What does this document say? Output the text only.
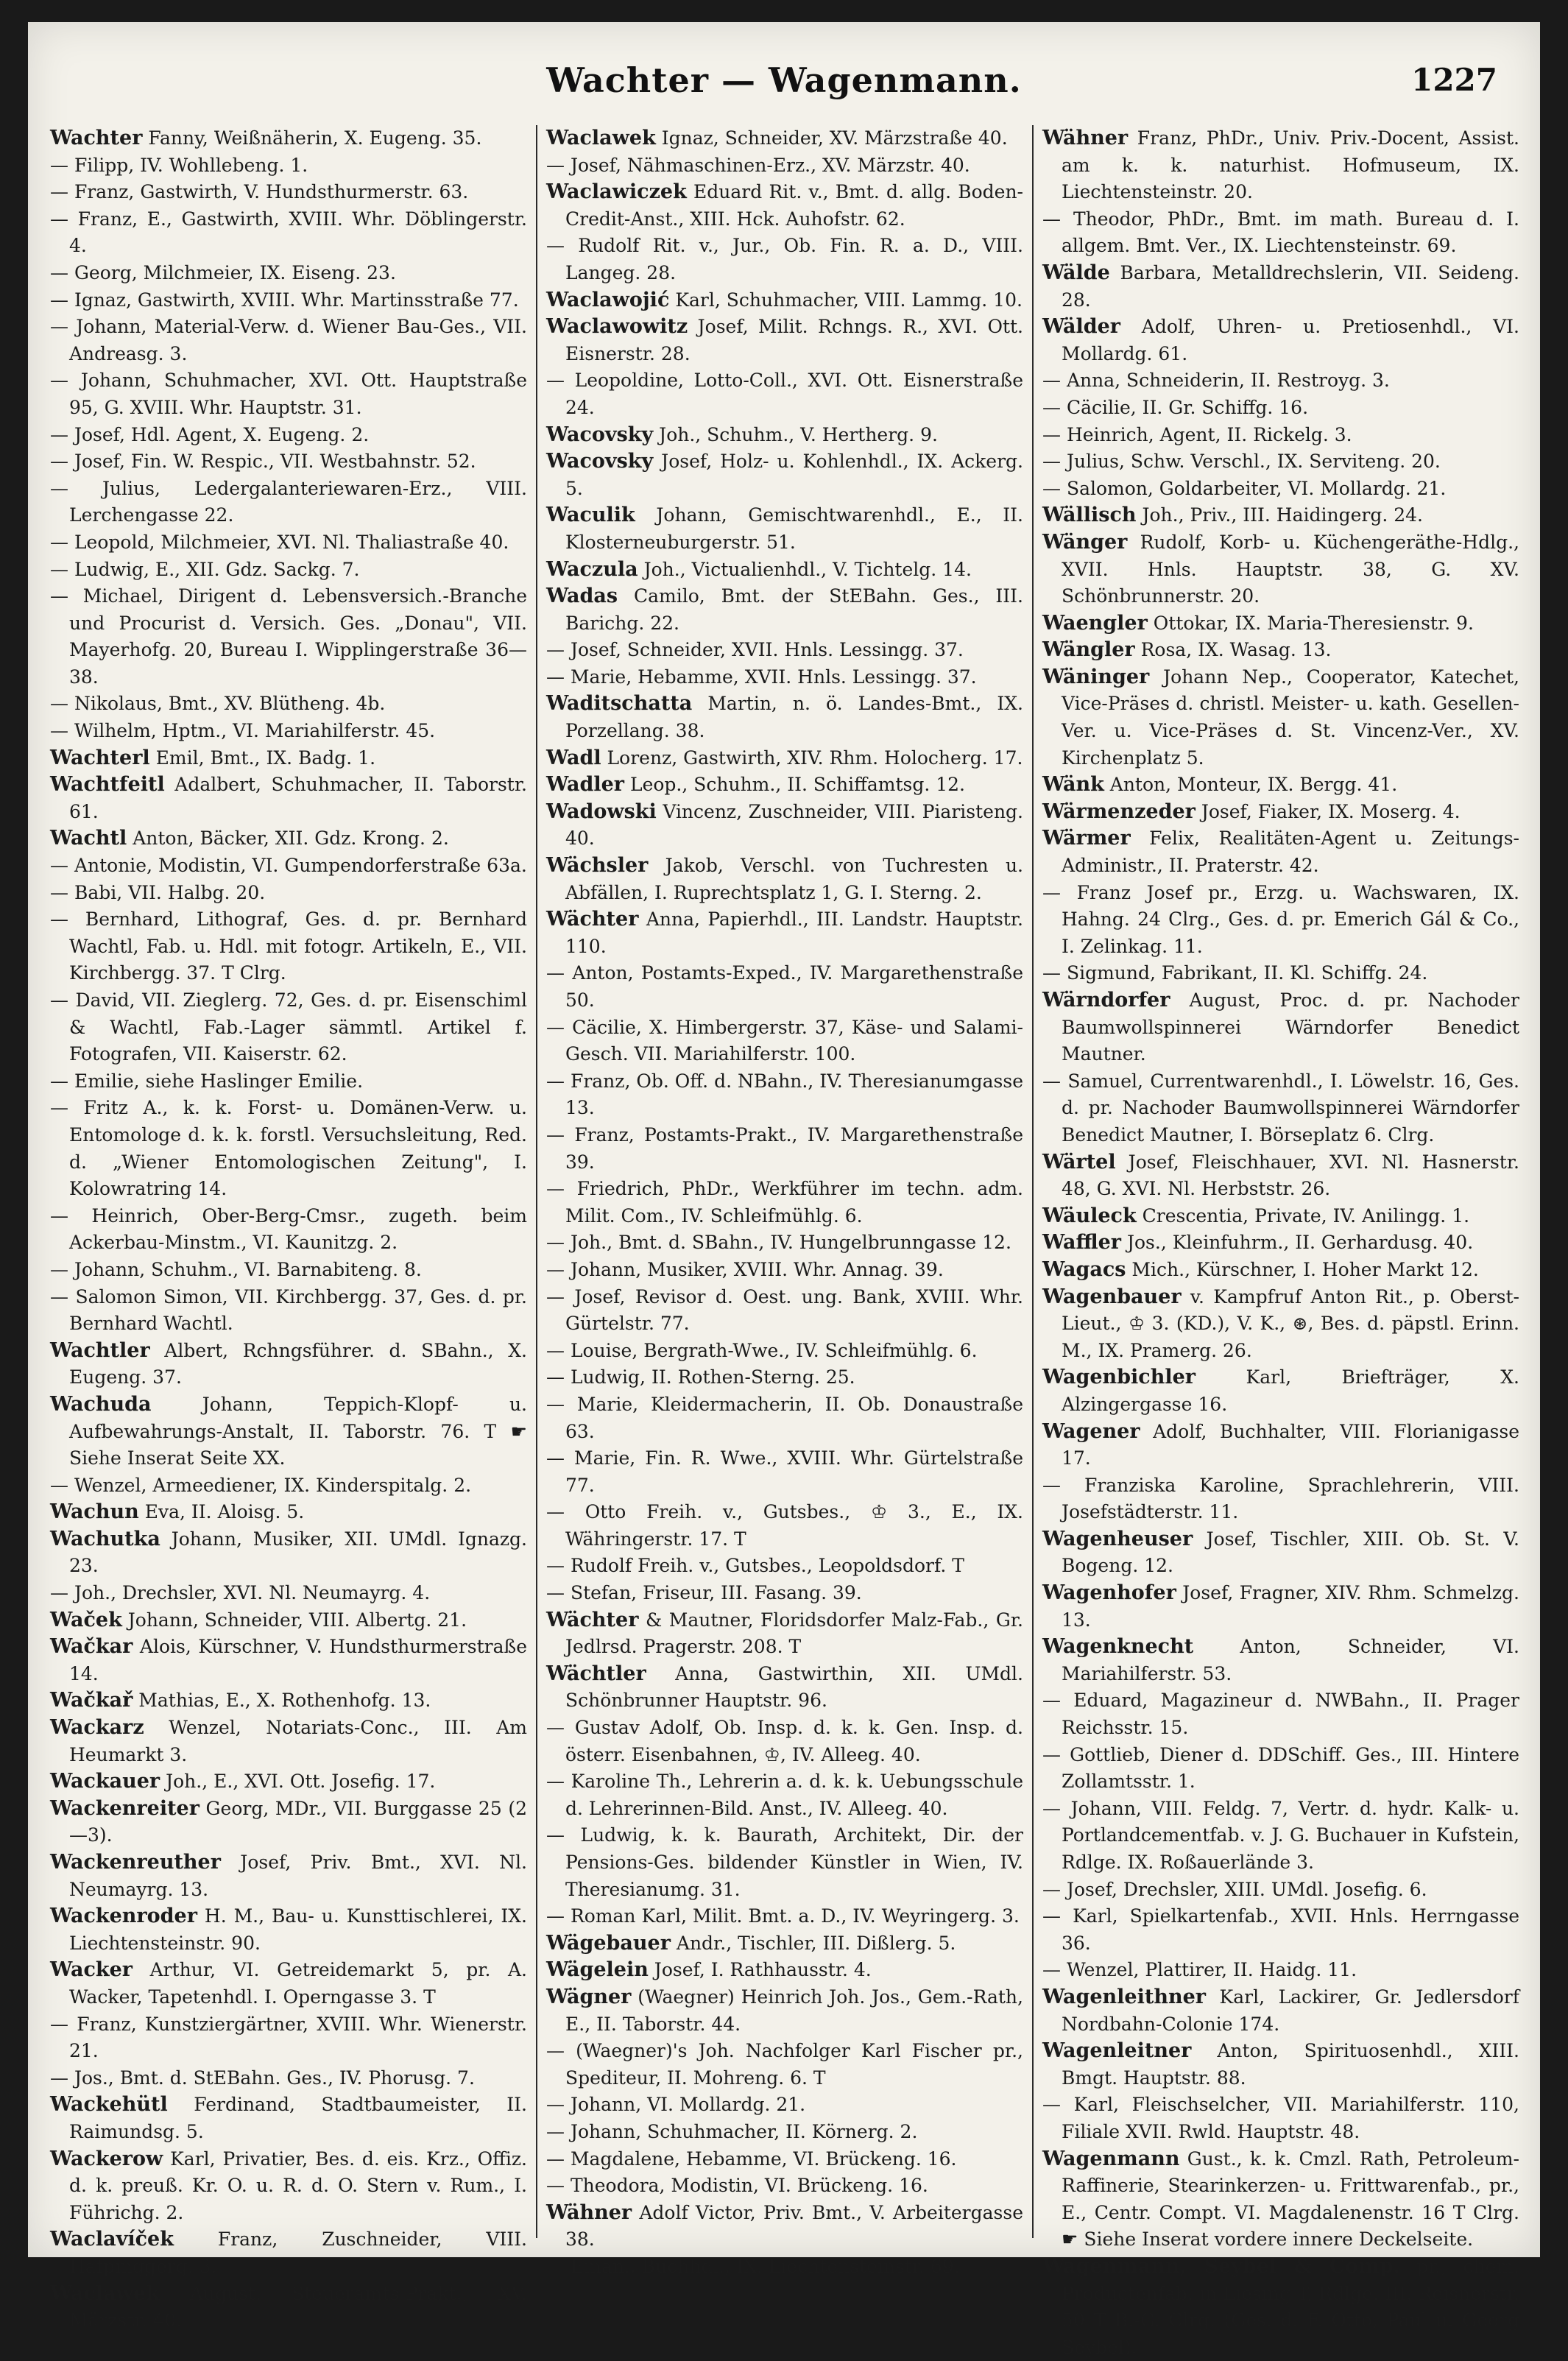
Wachter — Wagenmann.	1227
Wachter Fanny, Weißnäherin, X. Eugeng. 35.
— Filipp, IV. Wohllebeng. 1.
— Franz, Gastwirth, V. Hundsthurmerstr. 63.
— Franz, E., Gastwirth, XVIII. Whr. Döblingerstr. 4.
— Georg, Milchmeier, IX. Eiseng. 23.
— Ignaz, Gastwirth, XVIII. Whr. Martinsstraße 77.
— Johann, Material-Verw. d. Wiener Bau-Ges., VII. Andreasg. 3.
— Johann, Schuhmacher, XVI. Ott. Hauptstraße 95, G. XVIII. Whr. Hauptstr. 31.
— Josef, Hdl. Agent, X. Eugeng. 2.
— Josef, Fin. W. Respic., VII. Westbahnstr. 52.
— Julius, Ledergalanteriewaren-Erz., VIII. Lerchengasse 22.
— Leopold, Milchmeier, XVI. Nl. Thaliastraße 40.
— Ludwig, E., XII. Gdz. Sackg. 7.
— Michael, Dirigent d. Lebensversich.-Branche und Procurist d. Versich. Ges. „Donau", VII. Mayerhofg. 20, Bureau I. Wipplingerstraße 36—38.
— Nikolaus, Bmt., XV. Blütheng. 4b.
— Wilhelm, Hptm., VI. Mariahilferstr. 45.
Wachterl Emil, Bmt., IX. Badg. 1.
Wachtfeitl Adalbert, Schuhmacher, II. Taborstr. 61.
Wachtl Anton, Bäcker, XII. Gdz. Krong. 2.
— Antonie, Modistin, VI. Gumpendorferstraße 63a.
— Babi, VII. Halbg. 20.
— Bernhard, Lithograf, Ges. d. pr. Bernhard Wachtl, Fab. u. Hdl. mit fotogr. Artikeln, E., VII. Kirchbergg. 37. T Clrg.
— David, VII. Zieglerg. 72, Ges. d. pr. Eisenschiml & Wachtl, Fab.-Lager sämmtl. Artikel f. Fotografen, VII. Kaiserstr. 62.
— Emilie, siehe Haslinger Emilie.
— Fritz A., k. k. Forst- u. Domänen-Verw. u. Entomologe d. k. k. forstl. Versuchsleitung, Red. d. „Wiener Entomologischen Zeitung", I. Kolowratring 14.
— Heinrich, Ober-Berg-Cmsr., zugeth. beim Ackerbau-Minstm., VI. Kaunitzg. 2.
— Johann, Schuhm., VI. Barnabiteng. 8.
— Salomon Simon, VII. Kirchbergg. 37, Ges. d. pr. Bernhard Wachtl.
Wachtler Albert, Rchngsführer. d. SBahn., X. Eugeng. 37.
Wachuda Johann, Teppich-Klopf- u. Aufbewahrungs-Anstalt, II. Taborstr. 76. T ☛ Siehe Inserat Seite XX.
— Wenzel, Armeediener, IX. Kinderspitalg. 2.
Wachun Eva, II. Aloisg. 5.
Wachutka Johann, Musiker, XII. UMdl. Ignazg. 23.
— Joh., Drechsler, XVI. Nl. Neumayrg. 4.
Waček Johann, Schneider, VIII. Albertg. 21.
Wačkar Alois, Kürschner, V. Hundsthurmerstraße 14.
Wačkař Mathias, E., X. Rothenhofg. 13.
Wackarz Wenzel, Notariats-Conc., III. Am Heumarkt 3.
Wackauer Joh., E., XVI. Ott. Josefig. 17.
Wackenreiter Georg, MDr., VII. Burggasse 25 (2—3).
Wackenreuther Josef, Priv. Bmt., XVI. Nl. Neumayrg. 13.
Wackenroder H. M., Bau- u. Kunsttischlerei, IX. Liechtensteinstr. 90.
Wacker Arthur, VI. Getreidemarkt 5, pr. A. Wacker, Tapetenhdl. I. Operngasse 3. T
— Franz, Kunstziergärtner, XVIII. Whr. Wienerstr. 21.
— Jos., Bmt. d. StEBahn. Ges., IV. Phorusg. 7.
Wackehütl Ferdinand, Stadtbaumeister, II. Raimundsg. 5.
Wackerow Karl, Privatier, Bes. d. eis. Krz., Offiz. d. k. preuß. Kr. O. u. R. d. O. Stern v. Rum., I. Führichg. 2.
Waclavíček Franz, Zuschneider, VIII. Hafpinggerg. 3.
Waclawek August, Steueramts-Prakt., XV. Märzstr. 40.
Waclawek Ignaz, Schneider, XV. Märzstraße 40.
— Josef, Nähmaschinen-Erz., XV. Märzstr. 40.
Waclawiczek Eduard Rit. v., Bmt. d. allg. Boden-Credit-Anst., XIII. Hck. Auhofstr. 62.
— Rudolf Rit. v., Jur., Ob. Fin. R. a. D., VIII. Langeg. 28.
Waclawojić Karl, Schuhmacher, VIII. Lammg. 10.
Waclawowitz Josef, Milit. Rchngs. R., XVI. Ott. Eisnerstr. 28.
— Leopoldine, Lotto-Coll., XVI. Ott. Eisnerstraße 24.
Wacovsky Joh., Schuhm., V. Hertherg. 9.
Wacovsky Josef, Holz- u. Kohlenhdl., IX. Ackerg. 5.
Waculik Johann, Gemischtwarenhdl., E., II. Klosterneuburgerstr. 51.
Waczula Joh., Victualienhdl., V. Tichtelg. 14.
Wadas Camilo, Bmt. der StEBahn. Ges., III. Barichg. 22.
— Josef, Schneider, XVII. Hnls. Lessingg. 37.
— Marie, Hebamme, XVII. Hnls. Lessingg. 37.
Waditschatta Martin, n. ö. Landes-Bmt., IX. Porzellang. 38.
Wadl Lorenz, Gastwirth, XIV. Rhm. Holocherg. 17.
Wadler Leop., Schuhm., II. Schiffamtsg. 12.
Wadowski Vincenz, Zuschneider, VIII. Piaristeng. 40.
Wächsler Jakob, Verschl. von Tuchresten u. Abfällen, I. Ruprechtsplatz 1, G. I. Sterng. 2.
Wächter Anna, Papierhdl., III. Landstr. Hauptstr. 110.
— Anton, Postamts-Exped., IV. Margarethenstraße 50.
— Cäcilie, X. Himbergerstr. 37, Käse- und Salami-Gesch. VII. Mariahilferstr. 100.
— Franz, Ob. Off. d. NBahn., IV. Theresianumgasse 13.
— Franz, Postamts-Prakt., IV. Margarethenstraße 39.
— Friedrich, PhDr., Werkführer im techn. adm. Milit. Com., IV. Schleifmühlg. 6.
— Joh., Bmt. d. SBahn., IV. Hungelbrunngasse 12.
— Johann, Musiker, XVIII. Whr. Annag. 39.
— Josef, Revisor d. Oest. ung. Bank, XVIII. Whr. Gürtelstr. 77.
— Louise, Bergrath-Wwe., IV. Schleifmühlg. 6.
— Ludwig, II. Rothen-Sterng. 25.
— Marie, Kleidermacherin, II. Ob. Donaustraße 63.
— Marie, Fin. R. Wwe., XVIII. Whr. Gürtelstraße 77.
— Otto Freih. v., Gutsbes., ♔ 3., E., IX. Währingerstr. 17. T
— Rudolf Freih. v., Gutsbes., Leopoldsdorf. T
— Stefan, Friseur, III. Fasang. 39.
Wächter & Mautner, Floridsdorfer Malz-Fab., Gr. Jedlrsd. Pragerstr. 208. T
Wächtler Anna, Gastwirthin, XII. UMdl. Schönbrunner Hauptstr. 96.
— Gustav Adolf, Ob. Insp. d. k. k. Gen. Insp. d. österr. Eisenbahnen, ♔, IV. Alleeg. 40.
— Karoline Th., Lehrerin a. d. k. k. Uebungsschule d. Lehrerinnen-Bild. Anst., IV. Alleeg. 40.
— Ludwig, k. k. Baurath, Architekt, Dir. der Pensions-Ges. bildender Künstler in Wien, IV. Theresianumg. 31.
— Roman Karl, Milit. Bmt. a. D., IV. Weyringerg. 3.
Wägebauer Andr., Tischler, III. Dißlerg. 5.
Wägelein Josef, I. Rathhausstr. 4.
Wägner (Waegner) Heinrich Joh. Jos., Gem.-Rath, E., II. Taborstr. 44.
— (Waegner)'s Joh. Nachfolger Karl Fischer pr., Spediteur, II. Mohreng. 6. T
— Johann, VI. Mollardg. 21.
— Johann, Schuhmacher, II. Körnerg. 2.
— Magdalene, Hebamme, VI. Brückeng. 16.
— Theodora, Modistin, VI. Brückeng. 16.
Wähner Adolf Victor, Priv. Bmt., V. Arbeitergasse 38.
— Eman., Buchhdl., IX. Liechtensteinstr. 69.
Wähner Franz, PhDr., Univ. Priv.-Docent, Assist. am k. k. naturhist. Hofmuseum, IX. Liechtensteinstr. 20.
— Theodor, PhDr., Bmt. im math. Bureau d. I. allgem. Bmt. Ver., IX. Liechtensteinstr. 69.
Wälde Barbara, Metalldrechslerin, VII. Seideng. 28.
Wälder Adolf, Uhren- u. Pretiosenhdl., VI. Mollardg. 61.
— Anna, Schneiderin, II. Restroyg. 3.
— Cäcilie, II. Gr. Schiffg. 16.
— Heinrich, Agent, II. Rickelg. 3.
— Julius, Schw. Verschl., IX. Serviteng. 20.
— Salomon, Goldarbeiter, VI. Mollardg. 21.
Wällisch Joh., Priv., III. Haidingerg. 24.
Wänger Rudolf, Korb- u. Küchengeräthe-Hdlg., XVII. Hnls. Hauptstr. 38, G. XV. Schönbrunnerstr. 20.
Waengler Ottokar, IX. Maria-Theresienstr. 9.
Wängler Rosa, IX. Wasag. 13.
Wäninger Johann Nep., Cooperator, Katechet, Vice-Präses d. christl. Meister- u. kath. Gesellen-Ver. u. Vice-Präses d. St. Vincenz-Ver., XV. Kirchenplatz 5.
Wänk Anton, Monteur, IX. Bergg. 41.
Wärmenzeder Josef, Fiaker, IX. Moserg. 4.
Wärmer Felix, Realitäten-Agent u. Zeitungs-Administr., II. Praterstr. 42.
— Franz Josef pr., Erzg. u. Wachswaren, IX. Hahng. 24 Clrg., Ges. d. pr. Emerich Gál & Co., I. Zelinkag. 11.
— Sigmund, Fabrikant, II. Kl. Schiffg. 24.
Wärndorfer August, Proc. d. pr. Nachoder Baumwollspinnerei Wärndorfer Benedict Mautner.
— Samuel, Currentwarenhdl., I. Löwelstr. 16, Ges. d. pr. Nachoder Baumwollspinnerei Wärndorfer Benedict Mautner, I. Börseplatz 6. Clrg.
Wärtel Josef, Fleischhauer, XVI. Nl. Hasnerstr. 48, G. XVI. Nl. Herbststr. 26.
Wäuleck Crescentia, Private, IV. Anilingg. 1.
Waffler Jos., Kleinfuhrm., II. Gerhardusg. 40.
Wagacs Mich., Kürschner, I. Hoher Markt 12.
Wagenbauer v. Kampfruf Anton Rit., p. Oberst-Lieut., ♔ 3. (KD.), V. K., ⊛, Bes. d. päpstl. Erinn. M., IX. Pramerg. 26.
Wagenbichler Karl, Briefträger, X. Alzingergasse 16.
Wagener Adolf, Buchhalter, VIII. Florianigasse 17.
— Franziska Karoline, Sprachlehrerin, VIII. Josefstädterstr. 11.
Wagenheuser Josef, Tischler, XIII. Ob. St. V. Bogeng. 12.
Wagenhofer Josef, Fragner, XIV. Rhm. Schmelzg. 13.
Wagenknecht Anton, Schneider, VI. Mariahilferstr. 53.
— Eduard, Magazineur d. NWBahn., II. Prager Reichsstr. 15.
— Gottlieb, Diener d. DDSchiff. Ges., III. Hintere Zollamtsstr. 1.
— Johann, VIII. Feldg. 7, Vertr. d. hydr. Kalk- u. Portlandcementfab. v. J. G. Buchauer in Kufstein, Rdlge. IX. Roßauerlände 3.
— Josef, Drechsler, XIII. UMdl. Josefig. 6.
— Karl, Spielkartenfab., XVII. Hnls. Herrngasse 36.
— Wenzel, Plattirer, II. Haidg. 11.
Wagenleithner Karl, Lackirer, Gr. Jedlersdorf Nordbahn-Colonie 174.
Wagenleitner Anton, Spirituosenhdl., XIII. Bmgt. Hauptstr. 88.
— Karl, Fleischselcher, VII. Mariahilferstr. 110, Filiale XVII. Rwld. Hauptstr. 48.
Wagenmann Gust., k. k. Cmzl. Rath, Petroleum-Raffinerie, Stearinkerzen- u. Frittwarenfab., pr., E., Centr. Compt. VI. Magdalenenstr. 16 T Clrg. ☛ Siehe Inserat vordere innere Deckelseite.
Wagenmann, Seybel & Comp. pr., chem. Productenfab. in Liesing T, Rdlge. III. Reisnerstr. 50 T B.-G. Clrg. (Ges. d. F. Otto, Paul u. Georg Seybel).
